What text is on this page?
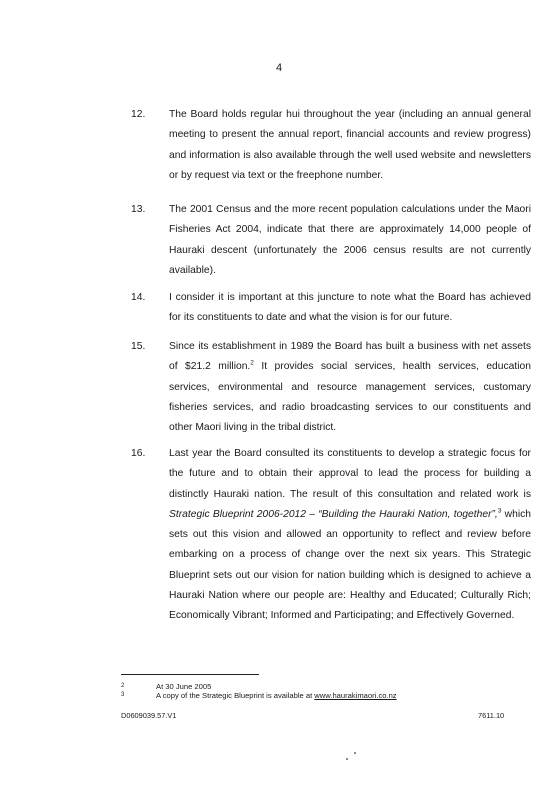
4
12. The Board holds regular hui throughout the year (including an annual general meeting to present the annual report, financial accounts and review progress) and information is also available through the well used website and newsletters or by request via text or the freephone number.
13. The 2001 Census and the more recent population calculations under the Maori Fisheries Act 2004, indicate that there are approximately 14,000 people of Hauraki descent (unfortunately the 2006 census results are not currently available).
14. I consider it is important at this juncture to note what the Board has achieved for its constituents to date and what the vision is for our future.
15. Since its establishment in 1989 the Board has built a business with net assets of $21.2 million.$^2$ It provides social services, health services, education services, environmental and resource management services, customary fisheries services, and radio broadcasting services to our constituents and other Maori living in the tribal district.
16. Last year the Board consulted its constituents to develop a strategic focus for the future and to obtain their approval to lead the process for building a distinctly Hauraki nation. The result of this consultation and related work is Strategic Blueprint 2006-2012 – “Building the Hauraki Nation, together”,$^3$ which sets out this vision and allowed an opportunity to reflect and review before embarking on a process of change over the next six years. This Strategic Blueprint sets out our vision for nation building which is designed to achieve a Hauraki Nation where our people are: Healthy and Educated; Culturally Rich; Economically Vibrant; Informed and Participating; and Effectively Governed.
2	At 30 June 2005
3	A copy of the Strategic Blueprint is available at www.haurakimaori.co.nz
D0609039.57.V1	7611.10
